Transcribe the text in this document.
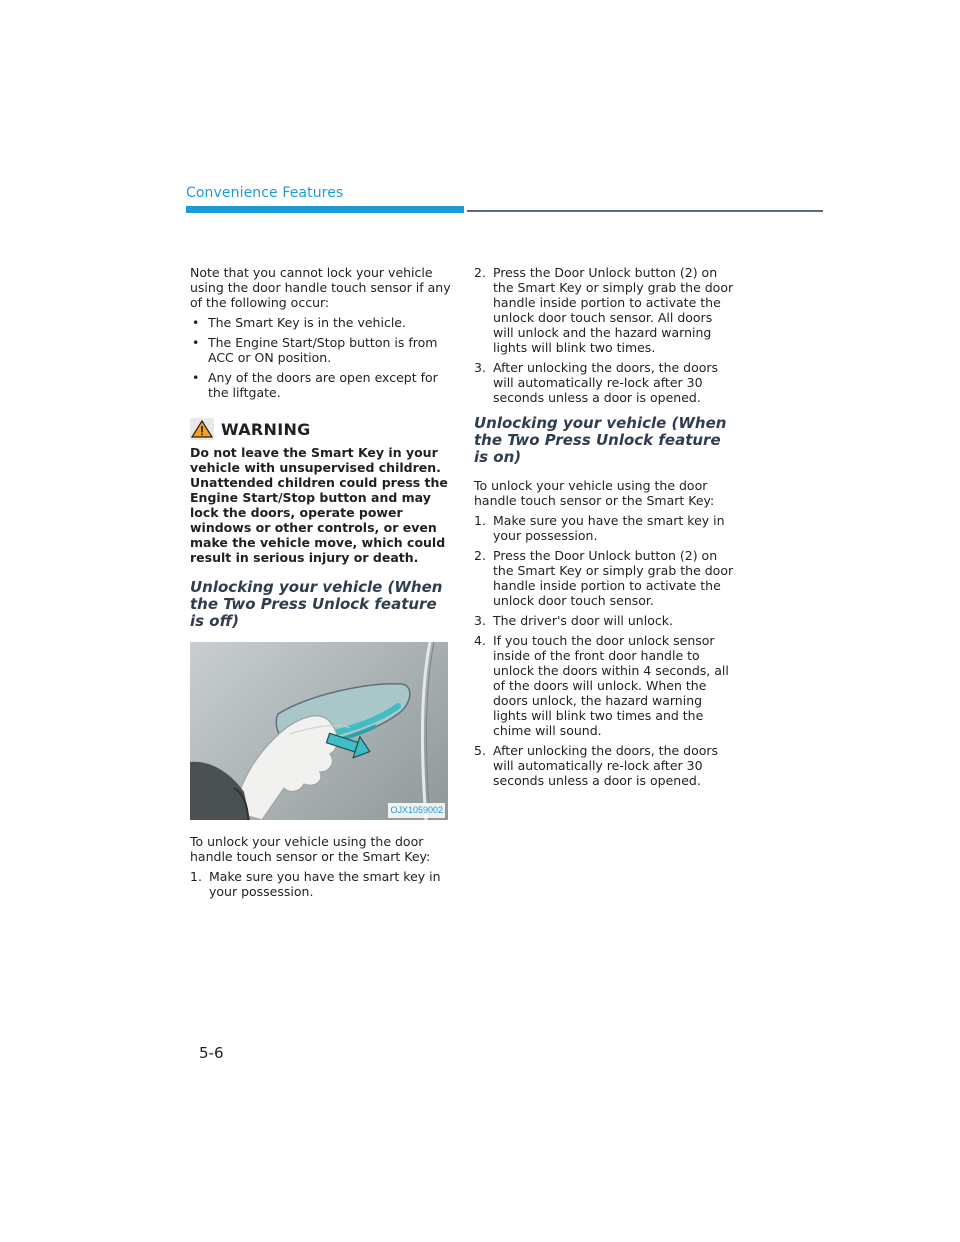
Convenience Features

Note that you cannot lock your vehicle using the door handle touch sensor if any of the following occur:

• The Smart Key is in the vehicle.
• The Engine Start/Stop button is from ACC or ON position.
• Any of the doors are open except for the liftgate.
WARNING
Do not leave the Smart Key in your vehicle with unsupervised children. Unattended children could press the Engine Start/Stop button and may lock the doors, operate power windows or other controls, or even make the vehicle move, which could result in serious injury or death.
Unlocking your vehicle (When the Two Press Unlock feature is off)
OJX1059002

To unlock your vehicle using the door handle touch sensor or the Smart Key:

1. Make sure you have the smart key in your possession.
2. Press the Door Unlock button (2) on the Smart Key or simply grab the door handle inside portion to activate the unlock door touch sensor. All doors will unlock and the hazard warning lights will blink two times.
3. After unlocking the doors, the doors will automatically re-lock after 30 seconds unless a door is opened.
Unlocking your vehicle (When the Two Press Unlock feature is on)

To unlock your vehicle using the door handle touch sensor or the Smart Key:

1. Make sure you have the smart key in your possession.
2. Press the Door Unlock button (2) on the Smart Key or simply grab the door handle inside portion to activate the unlock door touch sensor.
3. The driver's door will unlock.
4. If you touch the door unlock sensor inside of the front door handle to unlock the doors within 4 seconds, all of the doors will unlock. When the doors unlock, the hazard warning lights will blink two times and the chime will sound.
5. After unlocking the doors, the doors will automatically re-lock after 30 seconds unless a door is opened.
5-6
